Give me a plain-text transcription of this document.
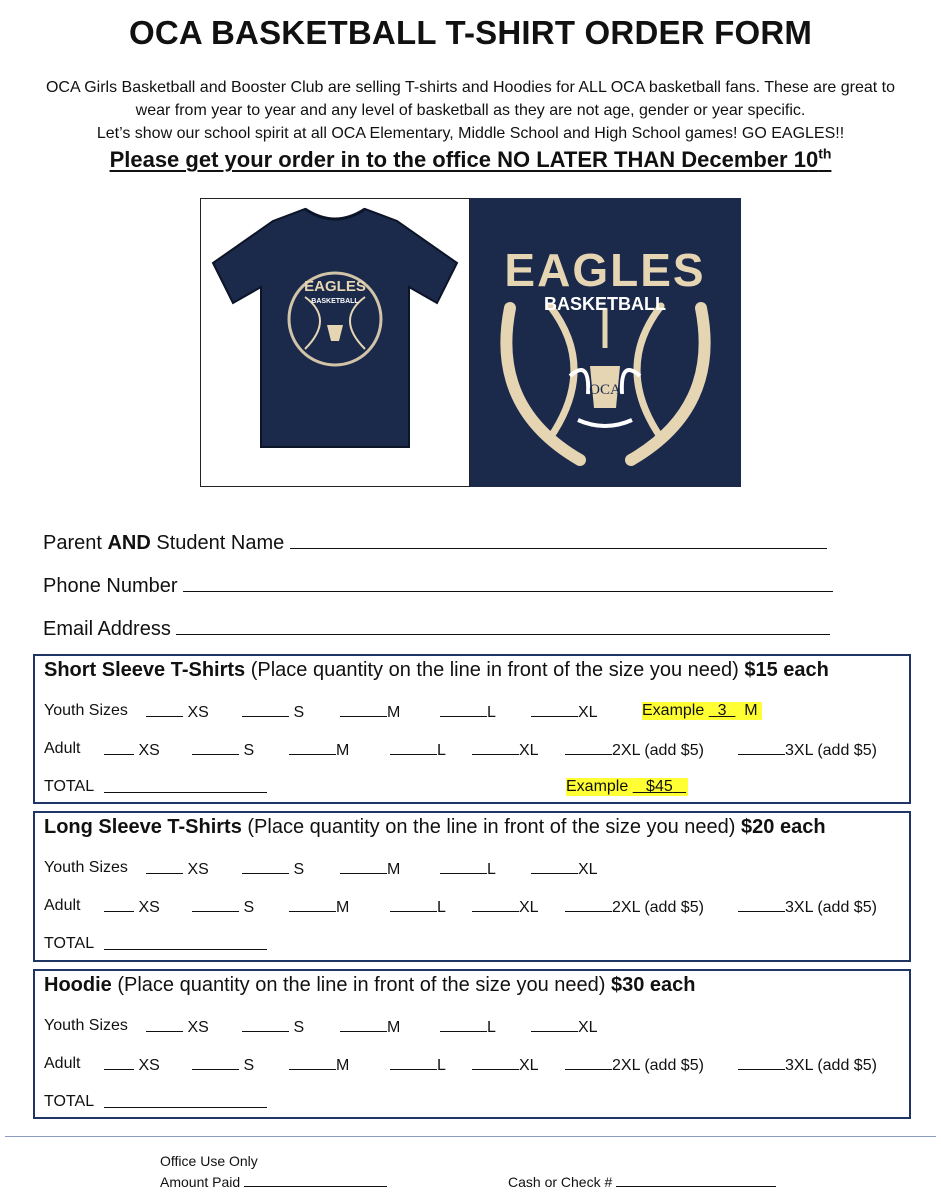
OCA BASKETBALL T-SHIRT ORDER FORM
OCA Girls Basketball and Booster Club are selling T-shirts and Hoodies for ALL OCA basketball fans. These are great to
wear from year to year and any level of basketball as they are not age, gender or year specific.
Let’s show our school spirit at all OCA Elementary, Middle School and High School games! GO EAGLES!!
Please get your order in to the office NO LATER THAN December 10th
EAGLES
BASKETBALL
EAGLES
BASKETBALL
OCA
Parent AND Student Name
Phone Number
Email Address
Short Sleeve T-Shirts (Place quantity on the line in front of the size you need) $15 each
Youth Sizes	XS	S	M	L	XL	Example   3 M
Adult	XS	S	M	L	XL	2XL (add $5)	3XL (add $5)
TOTAL	Example    $45
Long Sleeve T-Shirts (Place quantity on the line in front of the size you need) $20 each
Youth Sizes	XS	S	M	L	XL
Adult	XS	S	M	L	XL	2XL (add $5)	3XL (add $5)
TOTAL
Hoodie (Place quantity on the line in front of the size you need) $30 each
Youth Sizes	XS	S	M	L	XL
Adult	XS	S	M	L	XL	2XL (add $5)	3XL (add $5)
TOTAL
Office Use Only
Amount Paid	Cash or Check #
